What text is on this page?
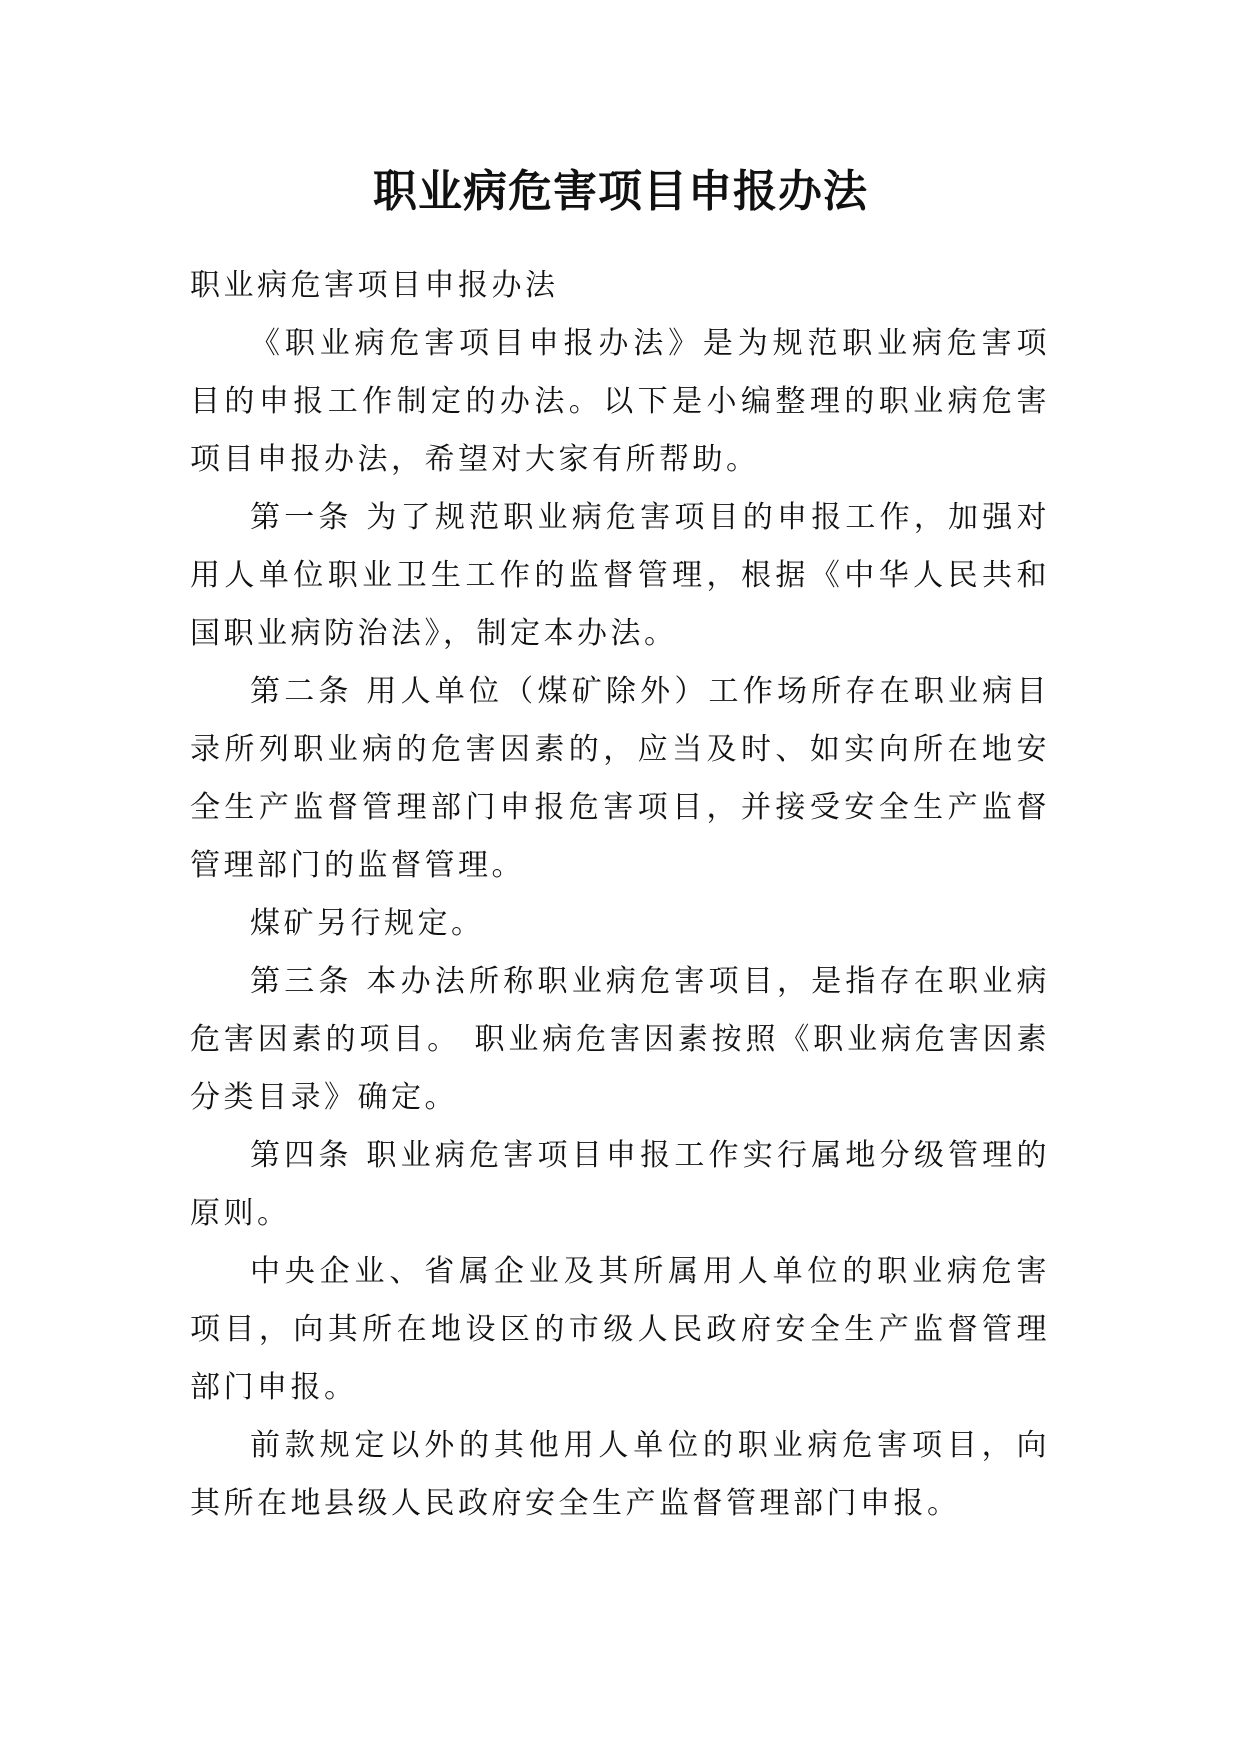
职业病危害项目申报办法

职业病危害项目申报办法

《职业病危害项目申报办法》是为规范职业病危害项目的申报工作制定的办法。以下是小编整理的职业病危害项目申报办法，希望对大家有所帮助。

第一条 为了规范职业病危害项目的申报工作，加强对用人单位职业卫生工作的监督管理，根据《中华人民共和国职业病防治法》，制定本办法。

第二条 用人单位（煤矿除外）工作场所存在职业病目录所列职业病的危害因素的，应当及时、如实向所在地安全生产监督管理部门申报危害项目，并接受安全生产监督管理部门的监督管理。

煤矿另行规定。

第三条 本办法所称职业病危害项目，是指存在职业病危害因素的项目。 职业病危害因素按照《职业病危害因素分类目录》确定。

第四条 职业病危害项目申报工作实行属地分级管理的原则。

中央企业、省属企业及其所属用人单位的职业病危害项目，向其所在地设区的市级人民政府安全生产监督管理部门申报。

前款规定以外的其他用人单位的职业病危害项目，向其所在地县级人民政府安全生产监督管理部门申报。
